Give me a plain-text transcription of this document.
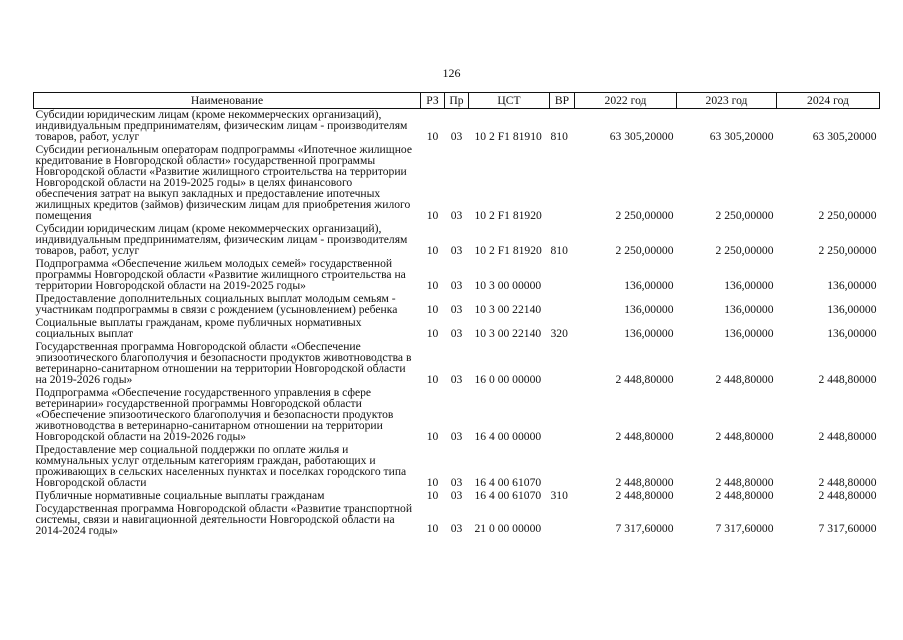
126
Наименование	РЗ	Пр	ЦСТ	ВР	2022 год	2023 год	2024 год
Субсидии юридическим лицам (кроме некоммерческих организаций), индивидуальным предпринимателям, физическим лицам - производителям товаров, работ, услуг	10	03	10 2 F1 81910	810	63 305,20000	63 305,20000	63 305,20000
Субсидии региональным операторам подпрограммы «Ипотечное жилищное кредитование в Новгородской области» государственной программы Новгородской области «Развитие жилищного строительства на территории Новгородской области на 2019-2025 годы» в целях финансового обеспечения затрат на выкуп закладных и предоставление ипотечных жилищных кредитов (займов) физическим лицам для приобретения жилого помещения	10	03	10 2 F1 81920		2 250,00000	2 250,00000	2 250,00000
Субсидии юридическим лицам (кроме некоммерческих организаций), индивидуальным предпринимателям, физическим лицам - производителям товаров, работ, услуг	10	03	10 2 F1 81920	810	2 250,00000	2 250,00000	2 250,00000
Подпрограмма «Обеспечение жильем молодых семей» государственной программы Новгородской области «Развитие жилищного строительства на территории Новгородской области на 2019-2025 годы»	10	03	10 3 00 00000		136,00000	136,00000	136,00000
Предоставление дополнительных социальных выплат молодым семьям - участникам подпрограммы в связи с рождением (усыновлением) ребенка	10	03	10 3 00 22140		136,00000	136,00000	136,00000
Социальные выплаты гражданам, кроме публичных нормативных социальных выплат	10	03	10 3 00 22140	320	136,00000	136,00000	136,00000
Государственная программа Новгородской области «Обеспечение эпизоотического благополучия и безопасности продуктов животноводства в ветеринарно-санитарном отношении на территории Новгородской области на 2019-2026 годы»	10	03	16 0 00 00000		2 448,80000	2 448,80000	2 448,80000
Подпрограмма «Обеспечение государственного управления в сфере ветеринарии» государственной программы Новгородской области «Обеспечение эпизоотического благополучия и безопасности продуктов животноводства в ветеринарно-санитарном отношении на территории Новгородской области на 2019-2026 годы»	10	03	16 4 00 00000		2 448,80000	2 448,80000	2 448,80000
Предоставление мер социальной поддержки по оплате жилья и коммунальных услуг отдельным категориям граждан, работающих и проживающих в сельских населенных пунктах и поселках городского типа Новгородской области	10	03	16 4 00 61070		2 448,80000	2 448,80000	2 448,80000
Публичные нормативные социальные выплаты гражданам	10	03	16 4 00 61070	310	2 448,80000	2 448,80000	2 448,80000
Государственная программа Новгородской области «Развитие транспортной системы, связи и навигационной деятельности Новгородской области на 2014-2024 годы»	10	03	21 0 00 00000		7 317,60000	7 317,60000	7 317,60000
